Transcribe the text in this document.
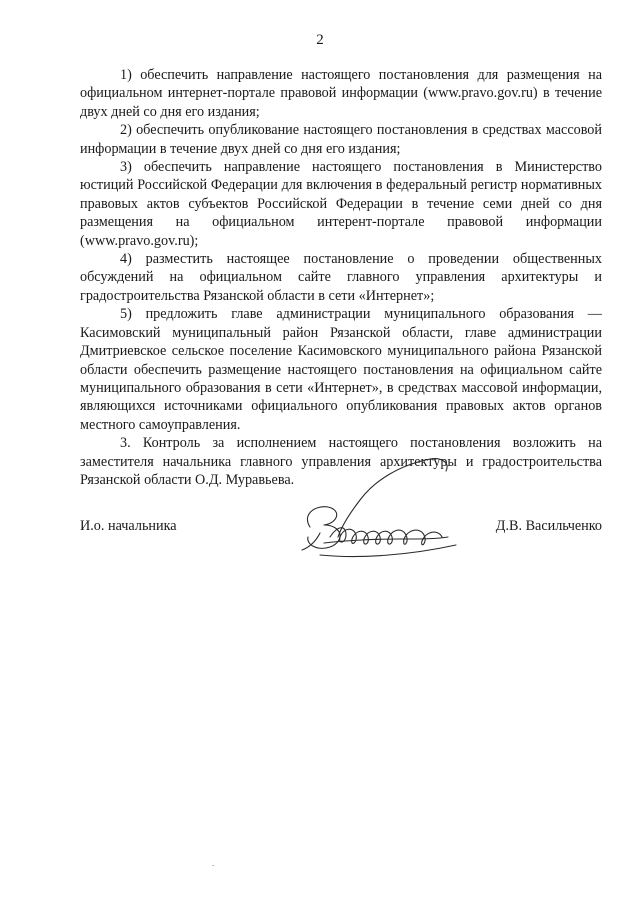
2

1) обеспечить направление настоящего постановления для размещения на официальном интернет-портале правовой информации (www.pravo.gov.ru) в течение двух дней со дня его издания;

2) обеспечить опубликование настоящего постановления в средствах массовой информации в течение двух дней со дня его издания;

3) обеспечить направление настоящего постановления в Министерство юстиций Российской Федерации для включения в федеральный регистр нормативных правовых актов субъектов Российской Федерации в течение семи дней со дня размещения на официальном интерент-портале правовой информации (www.pravo.gov.ru);

4) разместить настоящее постановление о проведении общественных обсуждений на официальном сайте главного управления архитектуры и градостроительства Рязанской области в сети «Интернет»;

5) предложить главе администрации муниципального образования — Касимовский муниципальный район Рязанской области, главе администрации Дмитриевское сельское поселение Касимовского муниципального района Рязанской области обеспечить размещение настоящего постановления на официальном сайте муниципального образования в сети «Интернет», в средствах массовой информации, являющихся источниками официального опубликования правовых актов органов местного самоуправления.

3. Контроль за исполнением настоящего постановления возложить на заместителя начальника главного управления архитектуры и градостроительства Рязанской области О.Д. Муравьева.

И.о. начальника	Д.В. Васильченко
.
